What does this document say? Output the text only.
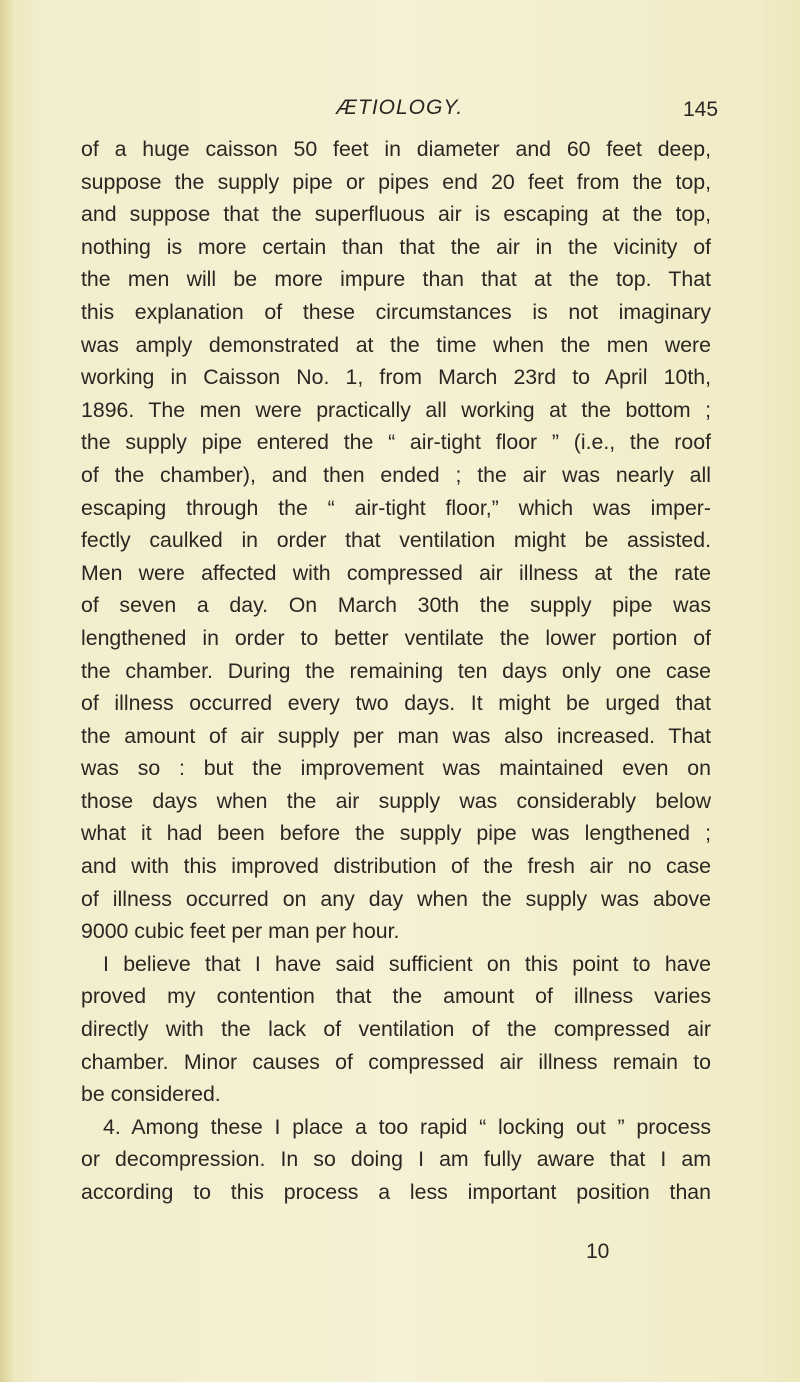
ÆTIOLOGY.	145
of a huge caisson 50 feet in diameter and 60 feet deep,
suppose the supply pipe or pipes end 20 feet from the top,
and suppose that the superfluous air is escaping at the top,
nothing is more certain than that the air in the vicinity of
the men will be more impure than that at the top. That
this explanation of these circumstances is not imaginary
was amply demonstrated at the time when the men were
working in Caisson No. 1, from March 23rd to April 10th,
1896. The men were practically all working at the bottom ;
the supply pipe entered the “ air-tight floor ” (i.e., the roof
of the chamber), and then ended ; the air was nearly all
escaping through the “ air-tight floor,” which was imper-
fectly caulked in order that ventilation might be assisted.
Men were affected with compressed air illness at the rate
of seven a day. On March 30th the supply pipe was
lengthened in order to better ventilate the lower portion of
the chamber. During the remaining ten days only one case
of illness occurred every two days. It might be urged that
the amount of air supply per man was also increased. That
was so : but the improvement was maintained even on
those days when the air supply was considerably below
what it had been before the supply pipe was lengthened ;
and with this improved distribution of the fresh air no case
of illness occurred on any day when the supply was above
9000 cubic feet per man per hour.
I believe that I have said sufficient on this point to have
proved my contention that the amount of illness varies
directly with the lack of ventilation of the compressed air
chamber. Minor causes of compressed air illness remain to
be considered.
4. Among these I place a too rapid “ locking out ” process
or decompression. In so doing I am fully aware that I am
according to this process a less important position than
10
